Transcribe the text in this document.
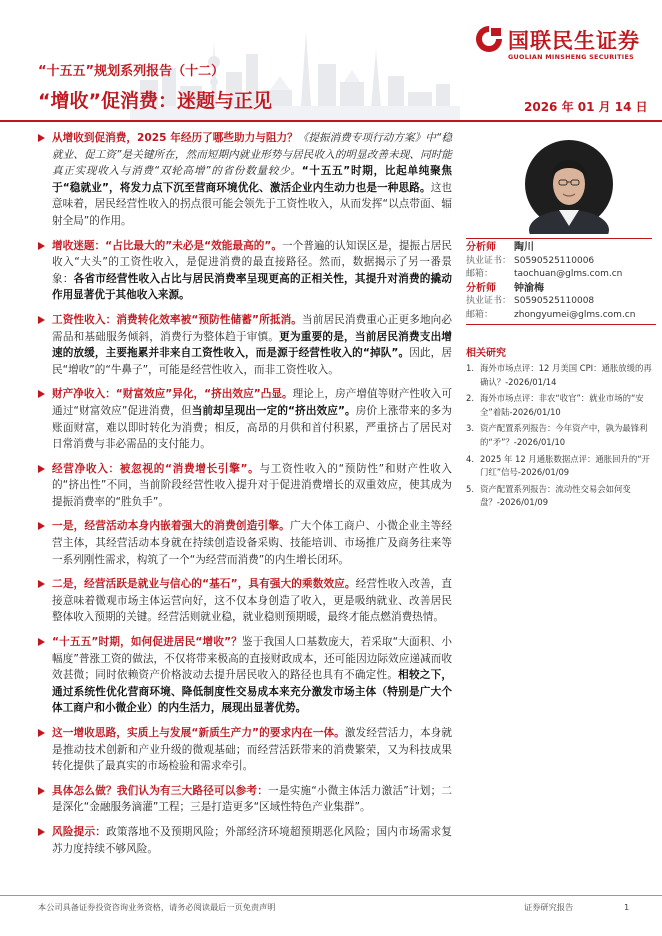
国联民生证券
GUOLIAN MINSHENG SECURITIES
“十五五”规划系列报告（十二）
“增收”促消费：迷题与正见	2026 年 01 月 14 日
从增收到促消费，2025 年经历了哪些助力与阻力？《提振消费专项行动方案》中“稳就业、促工资”是关键所在，然而短期内就业形势与居民收入的明显改善未现、同时能真正实现收入与消费“双轮高增”的省份数量较少。“十五五”时期，比起单纯聚焦于“稳就业”，将发力点下沉至营商环境优化、激活企业内生动力也是一种思路。这也意味着，居民经营性收入的拐点很可能会领先于工资性收入，从而发挥“以点带面、辐射全局”的作用。
增收迷题：“占比最大的”未必是“效能最高的”。一个普遍的认知误区是，提振占居民收入“大头”的工资性收入，是促进消费的最直接路径。然而，数据揭示了另一番景象：各省市经营性收入占比与居民消费率呈现更高的正相关性，其提升对消费的撬动作用显著优于其他收入来源。
工资性收入：消费转化效率被“预防性储蓄”所抵消。当前居民消费重心正更多地向必需品和基础服务倾斜，消费行为整体趋于审慎。更为重要的是，当前居民消费支出增速的放缓，主要拖累并非来自工资性收入，而是源于经营性收入的“掉队”。因此，居民“增收”的“牛鼻子”，可能是经营性收入，而非工资性收入。
财产净收入：“财富效应”异化，“挤出效应”凸显。理论上，房产增值等财产性收入可通过“财富效应”促进消费，但当前却呈现出一定的“挤出效应”。房价上涨带来的多为账面财富，难以即时转化为消费；相反，高昂的月供和首付积累，严重挤占了居民对日常消费与非必需品的支付能力。
经营净收入：被忽视的“消费增长引擎”。与工资性收入的“预防性”和财产性收入的“挤出性”不同，当前阶段经营性收入提升对于促进消费增长的双重效应，使其成为提振消费率的“胜负手”。
一是，经营活动本身内嵌着强大的消费创造引擎。广大个体工商户、小微企业主等经营主体，其经营活动本身就在持续创造设备采购、技能培训、市场推广及商务往来等一系列刚性需求，构筑了一个“为经营而消费”的内生增长闭环。
二是，经营活跃是就业与信心的“基石”，具有强大的乘数效应。经营性收入改善，直接意味着微观市场主体运营向好，这不仅本身创造了收入，更是吸纳就业、改善居民整体收入预期的关键。经营活则就业稳，就业稳则预期暖，最终才能点燃消费热情。
“十五五”时期，如何促进居民“增收”？鉴于我国人口基数庞大，若采取“大面积、小幅度”普涨工资的做法，不仅将带来极高的直接财政成本，还可能因边际效应递减而收效甚微；同时依赖资产价格波动去提升居民收入的路径也具有不确定性。相较之下，通过系统性优化营商环境、降低制度性交易成本来充分激发市场主体（特别是广大个体工商户和小微企业）的内生活力，展现出显著优势。
这一增收思路，实质上与发展“新质生产力”的要求内在一体。激发经营活力，本身就是推动技术创新和产业升级的微观基础；而经营活跃带来的消费繁荣，又为科技成果转化提供了最真实的市场检验和需求牵引。
具体怎么做？我们认为有三大路径可以参考：一是实施“小微主体活力激活”计划；二是深化“金融服务滴灌”工程；三是打造更多“区域性特色产业集群”。
风险提示：政策落地不及预期风险；外部经济环境超预期恶化风险；国内市场需求复苏力度持续不够风险。
分析师	陶川
执业证书： S0590525110006
邮箱：	taochuan@glms.com.cn
分析师	钟渝梅
执业证书： S0590525110008
邮箱：	zhongyumei@glms.com.cn
相关研究
1. 海外市场点评：12 月美国 CPI：通胀放缓的再确认？-2026/01/14
2. 海外市场点评：非农“收官”：就业市场的“安全”着陆-2026/01/10
3. 资产配置系列报告：今年资产中，孰为最锋利的“矛”？-2026/01/10
4. 2025 年 12 月通胀数据点评：通胀回升的“开门红”信号-2026/01/09
5. 资产配置系列报告：流动性交易会如何变盘？-2026/01/09
本公司具备证券投资咨询业务资格，请务必阅读最后一页免责声明	证券研究报告	1
